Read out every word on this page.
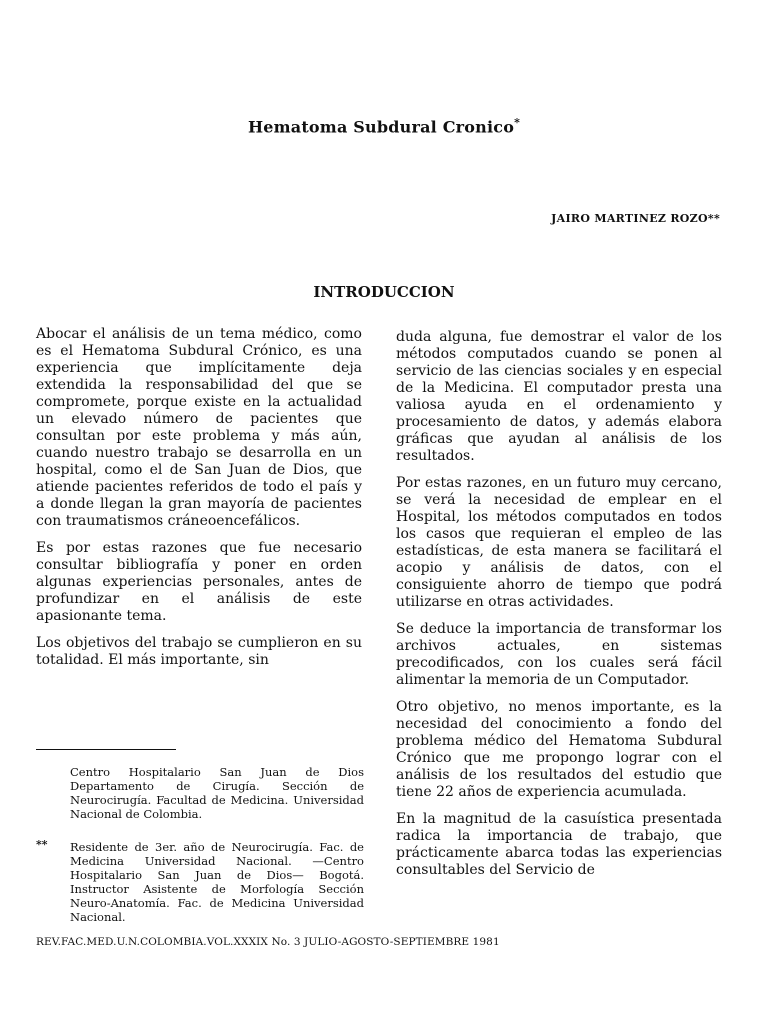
Hematoma Subdural Cronico*
JAIRO MARTINEZ ROZO**
INTRODUCCION

Abocar el análisis de un tema médico, como es el Hematoma Subdural Crónico, es una experiencia que implícitamente deja extendida la responsabilidad del que se compromete, porque existe en la actualidad un elevado número de pacientes que consultan por este problema y más aún, cuando nuestro trabajo se desarrolla en un hospital, como el de San Juan de Dios, que atiende pacientes referidos de todo el país y a donde llegan la gran mayoría de pacientes con traumatismos cráneoencefálicos.

Es por estas razones que fue necesario consultar bibliografía y poner en orden algunas experiencias personales, antes de profundizar en el análisis de este apasionante tema.

Los objetivos del trabajo se cumplieron en su totalidad. El más importante, sin

duda alguna, fue demostrar el valor de los métodos computados cuando se ponen al servicio de las ciencias sociales y en especial de la Medicina. El computador presta una valiosa ayuda en el ordenamiento y procesamiento de datos, y además elabora gráficas que ayudan al análisis de los resultados.

Por estas razones, en un futuro muy cercano, se verá la necesidad de emplear en el Hospital, los métodos computados en todos los casos que requieran el empleo de las estadísticas, de esta manera se facilitará el acopio y análisis de datos, con el consiguiente ahorro de tiempo que podrá utilizarse en otras actividades.

Se deduce la importancia de transformar los archivos actuales, en sistemas precodificados, con los cuales será fácil alimentar la memoria de un Computador.

Otro objetivo, no menos importante, es la necesidad del conocimiento a fondo del problema médico del Hematoma Subdural Crónico que me propongo lograr con el análisis de los resultados del estudio que tiene 22 años de experiencia acumulada.

En la magnitud de la casuística presentada radica la importancia de trabajo, que prácticamente abarca todas las experiencias consultables del Servicio de

Centro Hospitalario San Juan de Dios Departamento de Cirugía. Sección de Neurocirugía. Facultad de Medicina. Universidad Nacional de Colombia.
** Residente de 3er. año de Neurocirugía. Fac. de Medicina Universidad Nacional. —Centro Hospitalario San Juan de Dios— Bogotá. Instructor Asistente de Morfología Sección Neuro-Anatomía. Fac. de Medicina Universidad Nacional.
REV.FAC.MED.U.N.COLOMBIA.VOL.XXXIX No. 3 JULIO-AGOSTO-SEPTIEMBRE 1981
